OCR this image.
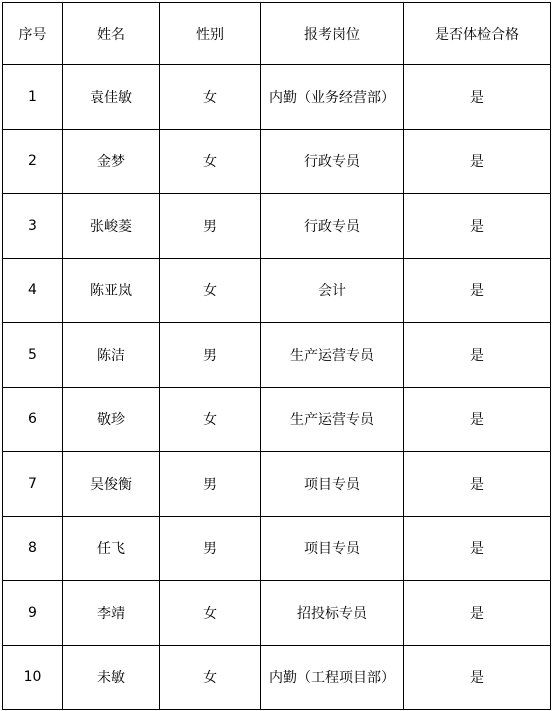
序号	姓名	性别	报考岗位	是否体检合格
1	袁佳敏	女	内勤（业务经营部）	是
2	金梦	女	行政专员	是
3	张峻菱	男	行政专员	是
4	陈亚岚	女	会计	是
5	陈洁	男	生产运营专员	是
6	敬珍	女	生产运营专员	是
7	吴俊衡	男	项目专员	是
8	任飞	男	项目专员	是
9	李靖	女	招投标专员	是
10	未敏	女	内勤（工程项目部）	是
